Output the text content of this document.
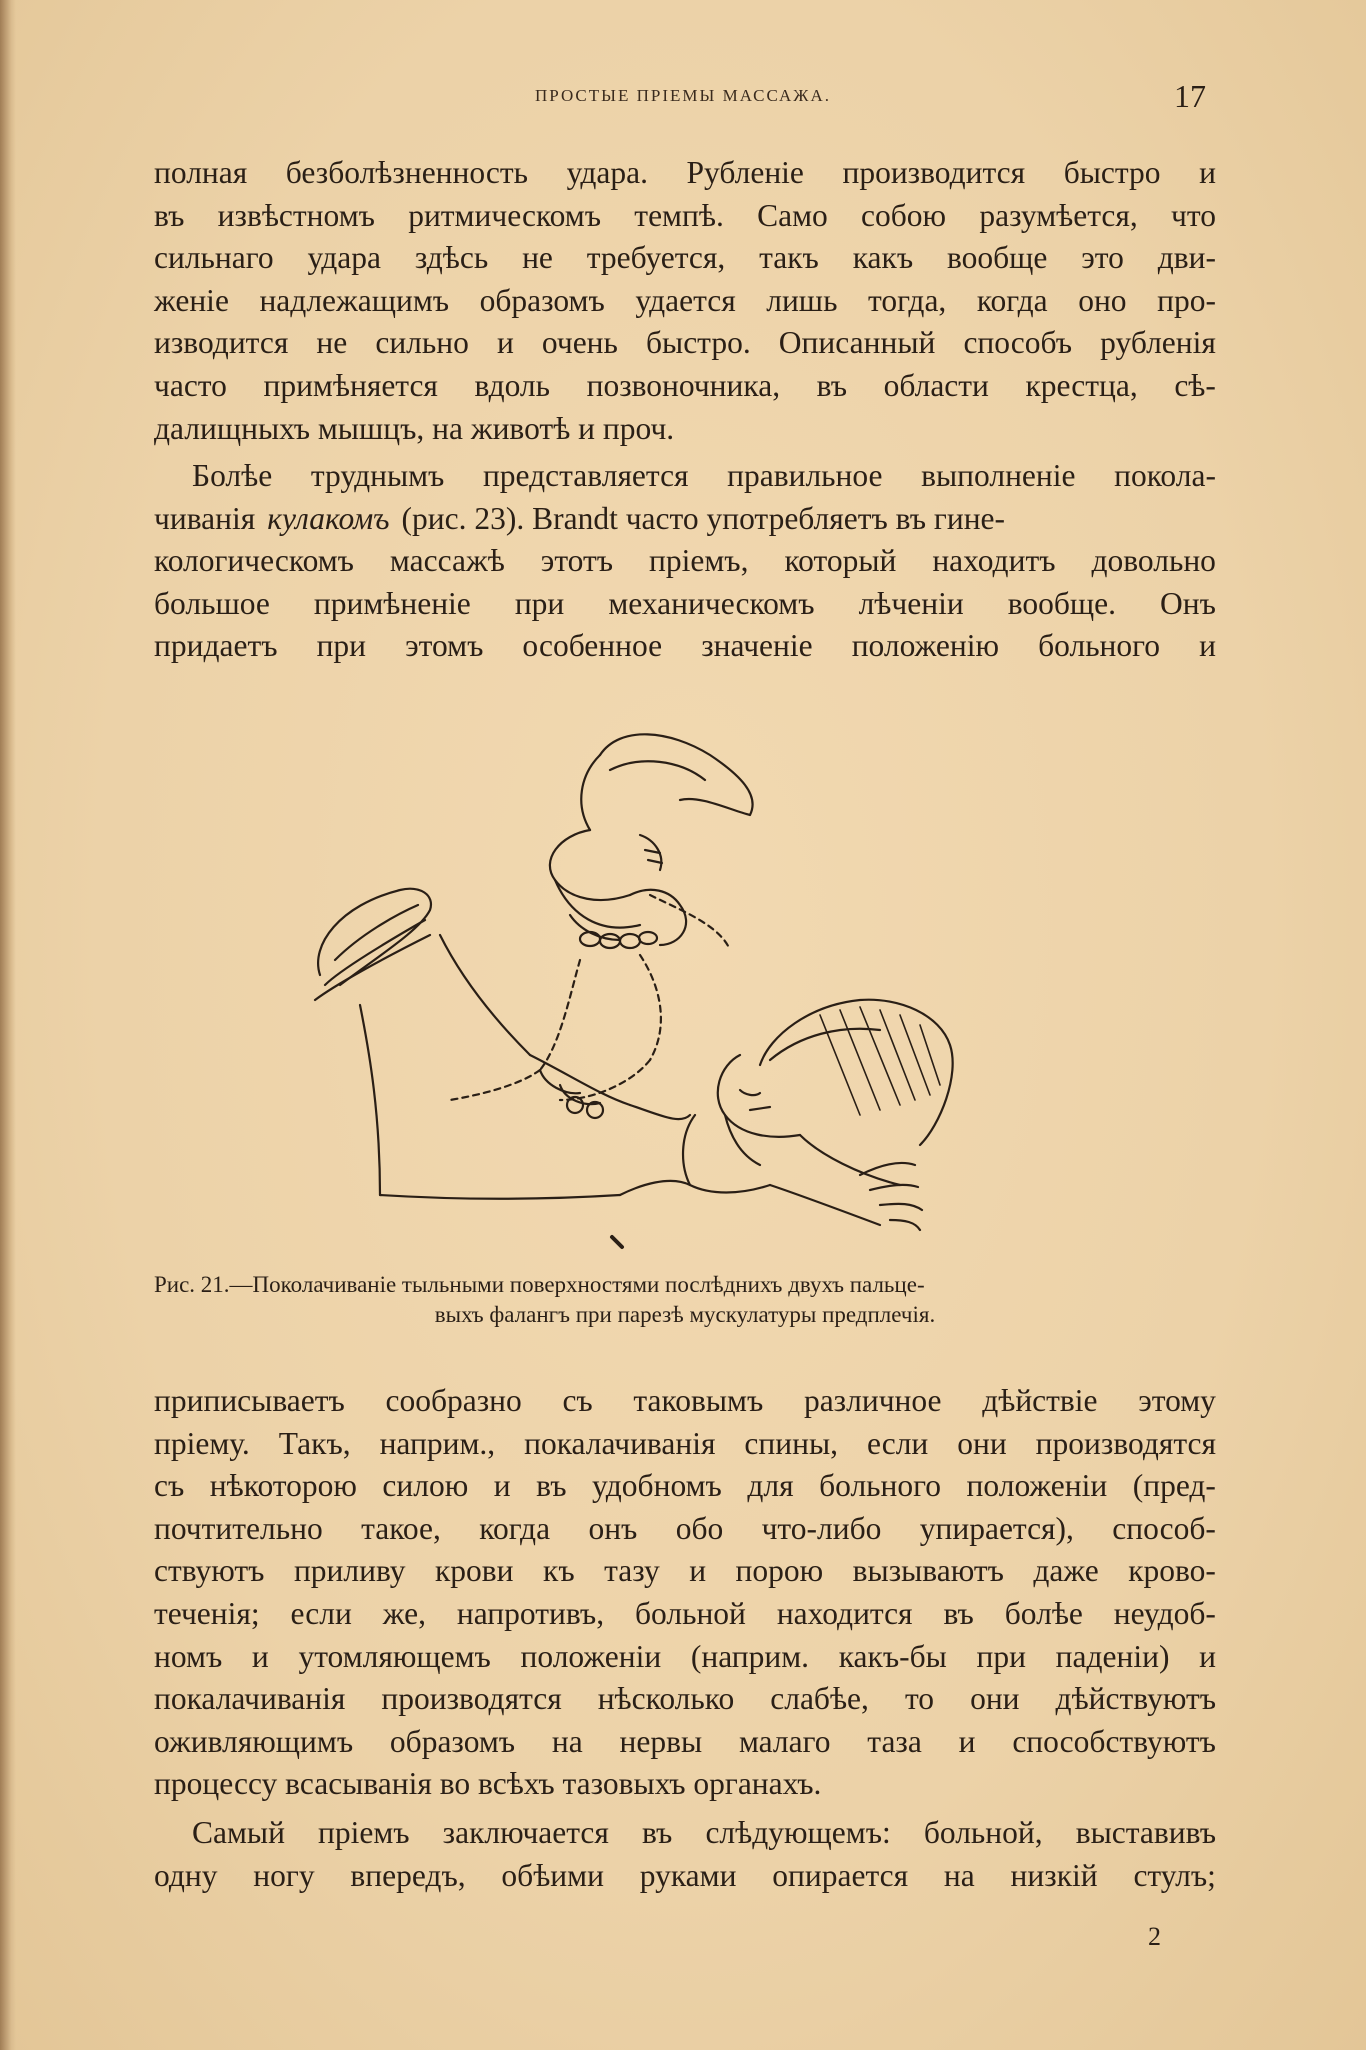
ПРОСТЫЕ ПРІЕМЫ МАССАЖА.	17
полная безболѣзненность удара. Рубленіе производится быстро и
въ извѣстномъ ритмическомъ темпѣ. Само собою разумѣется, что
сильнаго удара здѣсь не требуется, такъ какъ вообще это дви-
женіе надлежащимъ образомъ удается лишь тогда, когда оно про-
изводится не сильно и очень быстро. Описанный способъ рубленія
часто примѣняется вдоль позвоночника, въ области крестца, сѣ-
далищныхъ мышцъ, на животѣ и проч.
Болѣе труднымъ представляется правильное выполненіе покола-
чиванія кулакомъ (рис. 23). Brandt часто употребляетъ въ гине-
кологическомъ массажѣ этотъ пріемъ, который находитъ довольно
большое примѣненіе при механическомъ лѣченіи вообще. Онъ
придаетъ при этомъ особенное значеніе положенію больного и
Рис. 21.—Поколачиваніе тыльными поверхностями послѣднихъ двухъ пальце-
выхъ фалангъ при парезѣ мускулатуры предплечія.
приписываетъ сообразно съ таковымъ различное дѣйствіе этому
пріему. Такъ, наприм., покалачиванія спины, если они производятся
съ нѣкоторою силою и въ удобномъ для больного положеніи (пред-
почтительно такое, когда онъ обо что-либо упирается), способ-
ствуютъ приливу крови къ тазу и порою вызываютъ даже крово-
теченія; если же, напротивъ, больной находится въ болѣе неудоб-
номъ и утомляющемъ положеніи (наприм. какъ-бы при паденіи) и
покалачиванія производятся нѣсколько слабѣе, то они дѣйствуютъ
оживляющимъ образомъ на нервы малаго таза и способствуютъ
процессу всасыванія во всѣхъ тазовыхъ органахъ.
Самый пріемъ заключается въ слѣдующемъ: больной, выставивъ
одну ногу впередъ, обѣими руками опирается на низкій стулъ;
2
